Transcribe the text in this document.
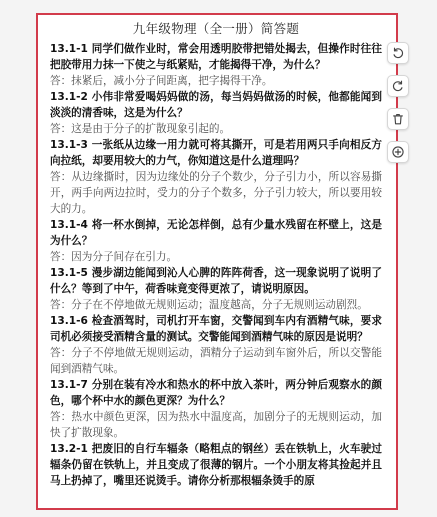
九年级物理（全一册）简答题

13.1-1 同学们做作业时，常会用透明胶带把错处揭去，但操作时往往把胶带用力抹一下使之与纸紧贴，才能揭得干净，为什么？

答：抹紧后，减小分子间距离，把字揭得干净。

13.1-2 小伟非常爱喝妈妈做的汤，每当妈妈做汤的时候，他都能闻到淡淡的清香味，这是为什么？

答：这是由于分子的扩散现象引起的。

13.1-3 一张纸从边缘一用力就可将其撕开，可是若用两只手向相反方向拉纸，却要用较大的力气，你知道这是什么道理吗？

答：从边缘撕时，因为边缘处的分子个数少，分子引力小，所以容易撕开，两手向两边拉时，受力的分子个数多，分子引力较大，所以要用较大的力。

13.1-4 将一杯水倒掉，无论怎样倒，总有少量水残留在杯壁上，这是为什么？

答：因为分子间存在引力。

13.1-5 漫步湖边能闻到沁人心脾的阵阵荷香，这一现象说明了说明了什么？等到了中午，荷香味竟变得更浓了，请说明原因。

答：分子在不停地做无规则运动；温度越高，分子无规则运动剧烈。

13.1-6 检查酒驾时，司机打开车窗，交警闻到车内有酒精气味，要求司机必须接受酒精含量的测试。交警能闻到酒精气味的原因是说明？

答：分子不停地做无规则运动，酒精分子运动到车窗外后，所以交警能闻到酒精气味。

13.1-7 分别在装有冷水和热水的杯中放入茶叶，两分钟后观察水的颜色，哪个杯中水的颜色更深？为什么？

答：热水中颜色更深，因为热水中温度高，加剧分子的无规则运动，加快了扩散现象。

13.2-1 把废旧的自行车辐条（略粗点的钢丝）丢在铁轨上，火车驶过辐条仍留在铁轨上，并且变成了很薄的钢片。一个小朋友将其捡起并且马上扔掉了，嘴里还说烫手。请你分析那根辐条烫手的原
